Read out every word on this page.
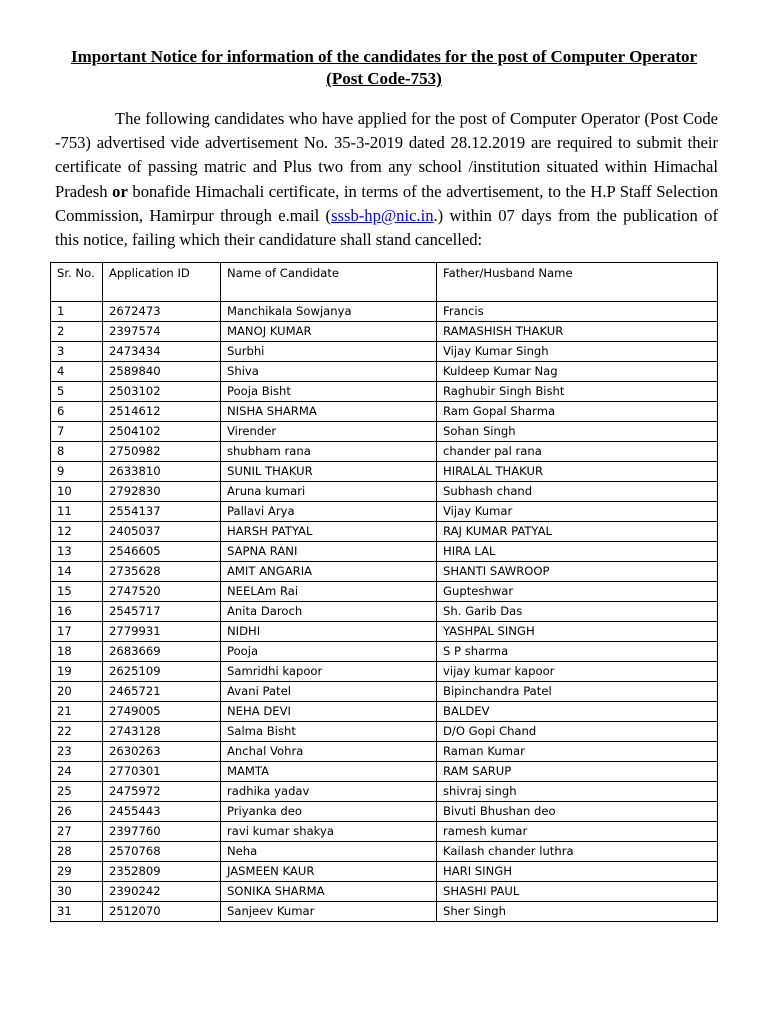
Important Notice for information of the candidates for the post of Computer Operator
(Post Code-753)
The following candidates who have applied for the post of Computer Operator (Post Code -753) advertised vide advertisement No. 35-3-2019 dated 28.12.2019 are required to submit their certificate of passing matric and Plus two from any school /institution situated within Himachal Pradesh or bonafide Himachali certificate, in terms of the advertisement, to the H.P Staff Selection Commission, Hamirpur through e.mail (sssb-hp@nic.in.) within 07 days from the publication of this notice, failing which their candidature shall stand cancelled:
Sr. No.	Application ID	Name of Candidate	Father/Husband Name
1	2672473	Manchikala Sowjanya	Francis
2	2397574	MANOJ KUMAR	RAMASHISH THAKUR
3	2473434	Surbhi	Vijay Kumar Singh
4	2589840	Shiva	Kuldeep Kumar Nag
5	2503102	Pooja Bisht	Raghubir Singh Bisht
6	2514612	NISHA SHARMA	Ram Gopal Sharma
7	2504102	Virender	Sohan Singh
8	2750982	shubham rana	chander pal rana
9	2633810	SUNIL THAKUR	HIRALAL THAKUR
10	2792830	Aruna kumari	Subhash chand
11	2554137	Pallavi Arya	Vijay Kumar
12	2405037	HARSH PATYAL	RAJ KUMAR PATYAL
13	2546605	SAPNA RANI	HIRA LAL
14	2735628	AMIT ANGARIA	SHANTI SAWROOP
15	2747520	NEELAm Rai	Gupteshwar
16	2545717	Anita Daroch	Sh. Garib Das
17	2779931	NIDHI	YASHPAL SINGH
18	2683669	Pooja	S P sharma
19	2625109	Samridhi kapoor	vijay kumar kapoor
20	2465721	Avani Patel	Bipinchandra Patel
21	2749005	NEHA DEVI	BALDEV
22	2743128	Salma Bisht	D/O Gopi Chand
23	2630263	Anchal Vohra	Raman Kumar
24	2770301	MAMTA	RAM SARUP
25	2475972	radhika yadav	shivraj singh
26	2455443	Priyanka deo	Bivuti Bhushan deo
27	2397760	ravi kumar shakya	ramesh kumar
28	2570768	Neha	Kailash chander luthra
29	2352809	JASMEEN KAUR	HARI SINGH
30	2390242	SONIKA SHARMA	SHASHI PAUL
31	2512070	Sanjeev Kumar	Sher Singh
